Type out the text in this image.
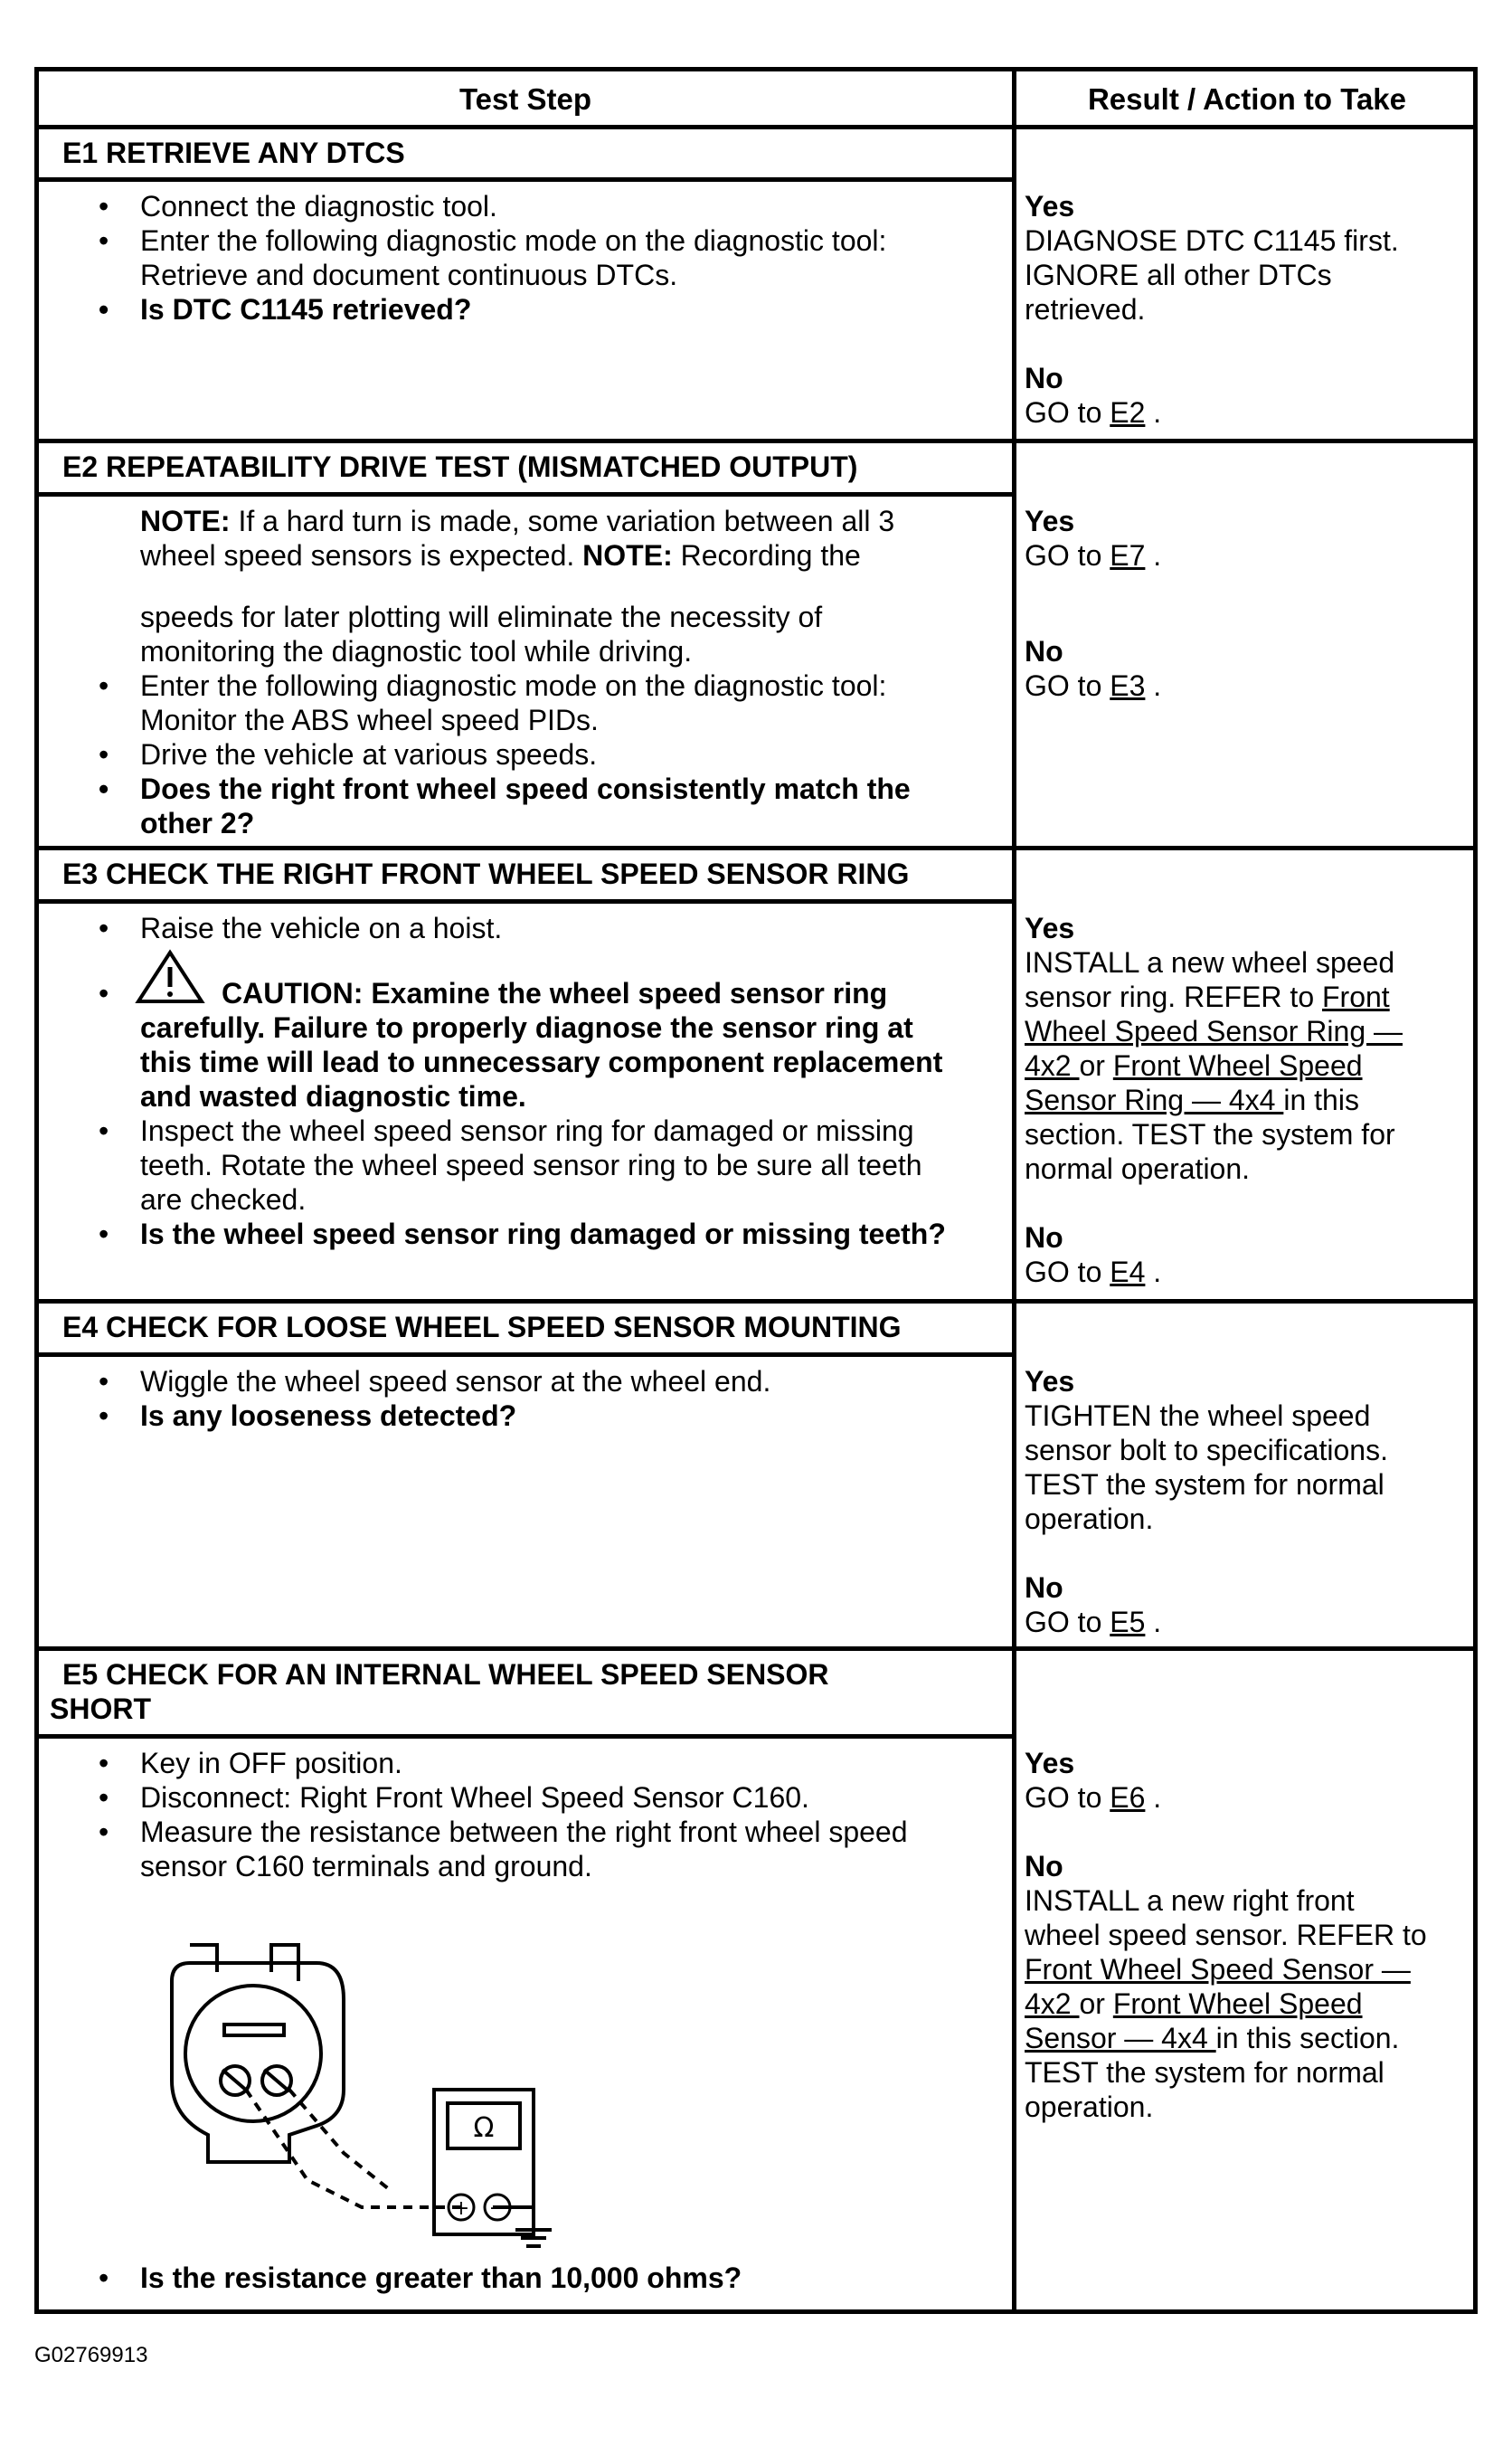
Test Step	Result / Action to Take
E1 RETRIEVE ANY DTCS
• Connect the diagnostic tool.
• Enter the following diagnostic mode on the diagnostic tool:
Retrieve and document continuous DTCs.
• Is DTC C1145 retrieved?
Yes
DIAGNOSE DTC C1145 first.
IGNORE all other DTCs
retrieved.
No
GO to E2 .
E2 REPEATABILITY DRIVE TEST (MISMATCHED OUTPUT)
NOTE: If a hard turn is made, some variation between all 3
wheel speed sensors is expected. NOTE: Recording the
speeds for later plotting will eliminate the necessity of
monitoring the diagnostic tool while driving.
• Enter the following diagnostic mode on the diagnostic tool:
Monitor the ABS wheel speed PIDs.
• Drive the vehicle at various speeds.
• Does the right front wheel speed consistently match the
other 2?
Yes
GO to E7 .
No
GO to E3 .
E3 CHECK THE RIGHT FRONT WHEEL SPEED SENSOR RING
• Raise the vehicle on a hoist.
•	CAUTION: Examine the wheel speed sensor ring
carefully. Failure to properly diagnose the sensor ring at
this time will lead to unnecessary component replacement
and wasted diagnostic time.
• Inspect the wheel speed sensor ring for damaged or missing
teeth. Rotate the wheel speed sensor ring to be sure all teeth
are checked.
• Is the wheel speed sensor ring damaged or missing teeth?
Yes
INSTALL a new wheel speed
sensor ring. REFER to Front
Wheel Speed Sensor Ring —
4x2 or Front Wheel Speed
Sensor Ring — 4x4 in this
section. TEST the system for
normal operation.
No
GO to E4 .
E4 CHECK FOR LOOSE WHEEL SPEED SENSOR MOUNTING
• Wiggle the wheel speed sensor at the wheel end.
• Is any looseness detected?
Yes
TIGHTEN the wheel speed
sensor bolt to specifications.
TEST the system for normal
operation.
No
GO to E5 .
E5 CHECK FOR AN INTERNAL WHEEL SPEED SENSOR
SHORT
• Key in OFF position.
• Disconnect: Right Front Wheel Speed Sensor C160.
• Measure the resistance between the right front wheel speed
sensor C160 terminals and ground.
• Is the resistance greater than 10,000 ohms?
Yes
GO to E6 .
No
INSTALL a new right front
wheel speed sensor. REFER to
Front Wheel Speed Sensor —
4x2 or Front Wheel Speed
Sensor — 4x4 in this section.
TEST the system for normal
operation.
Ω
+ −
G02769913
